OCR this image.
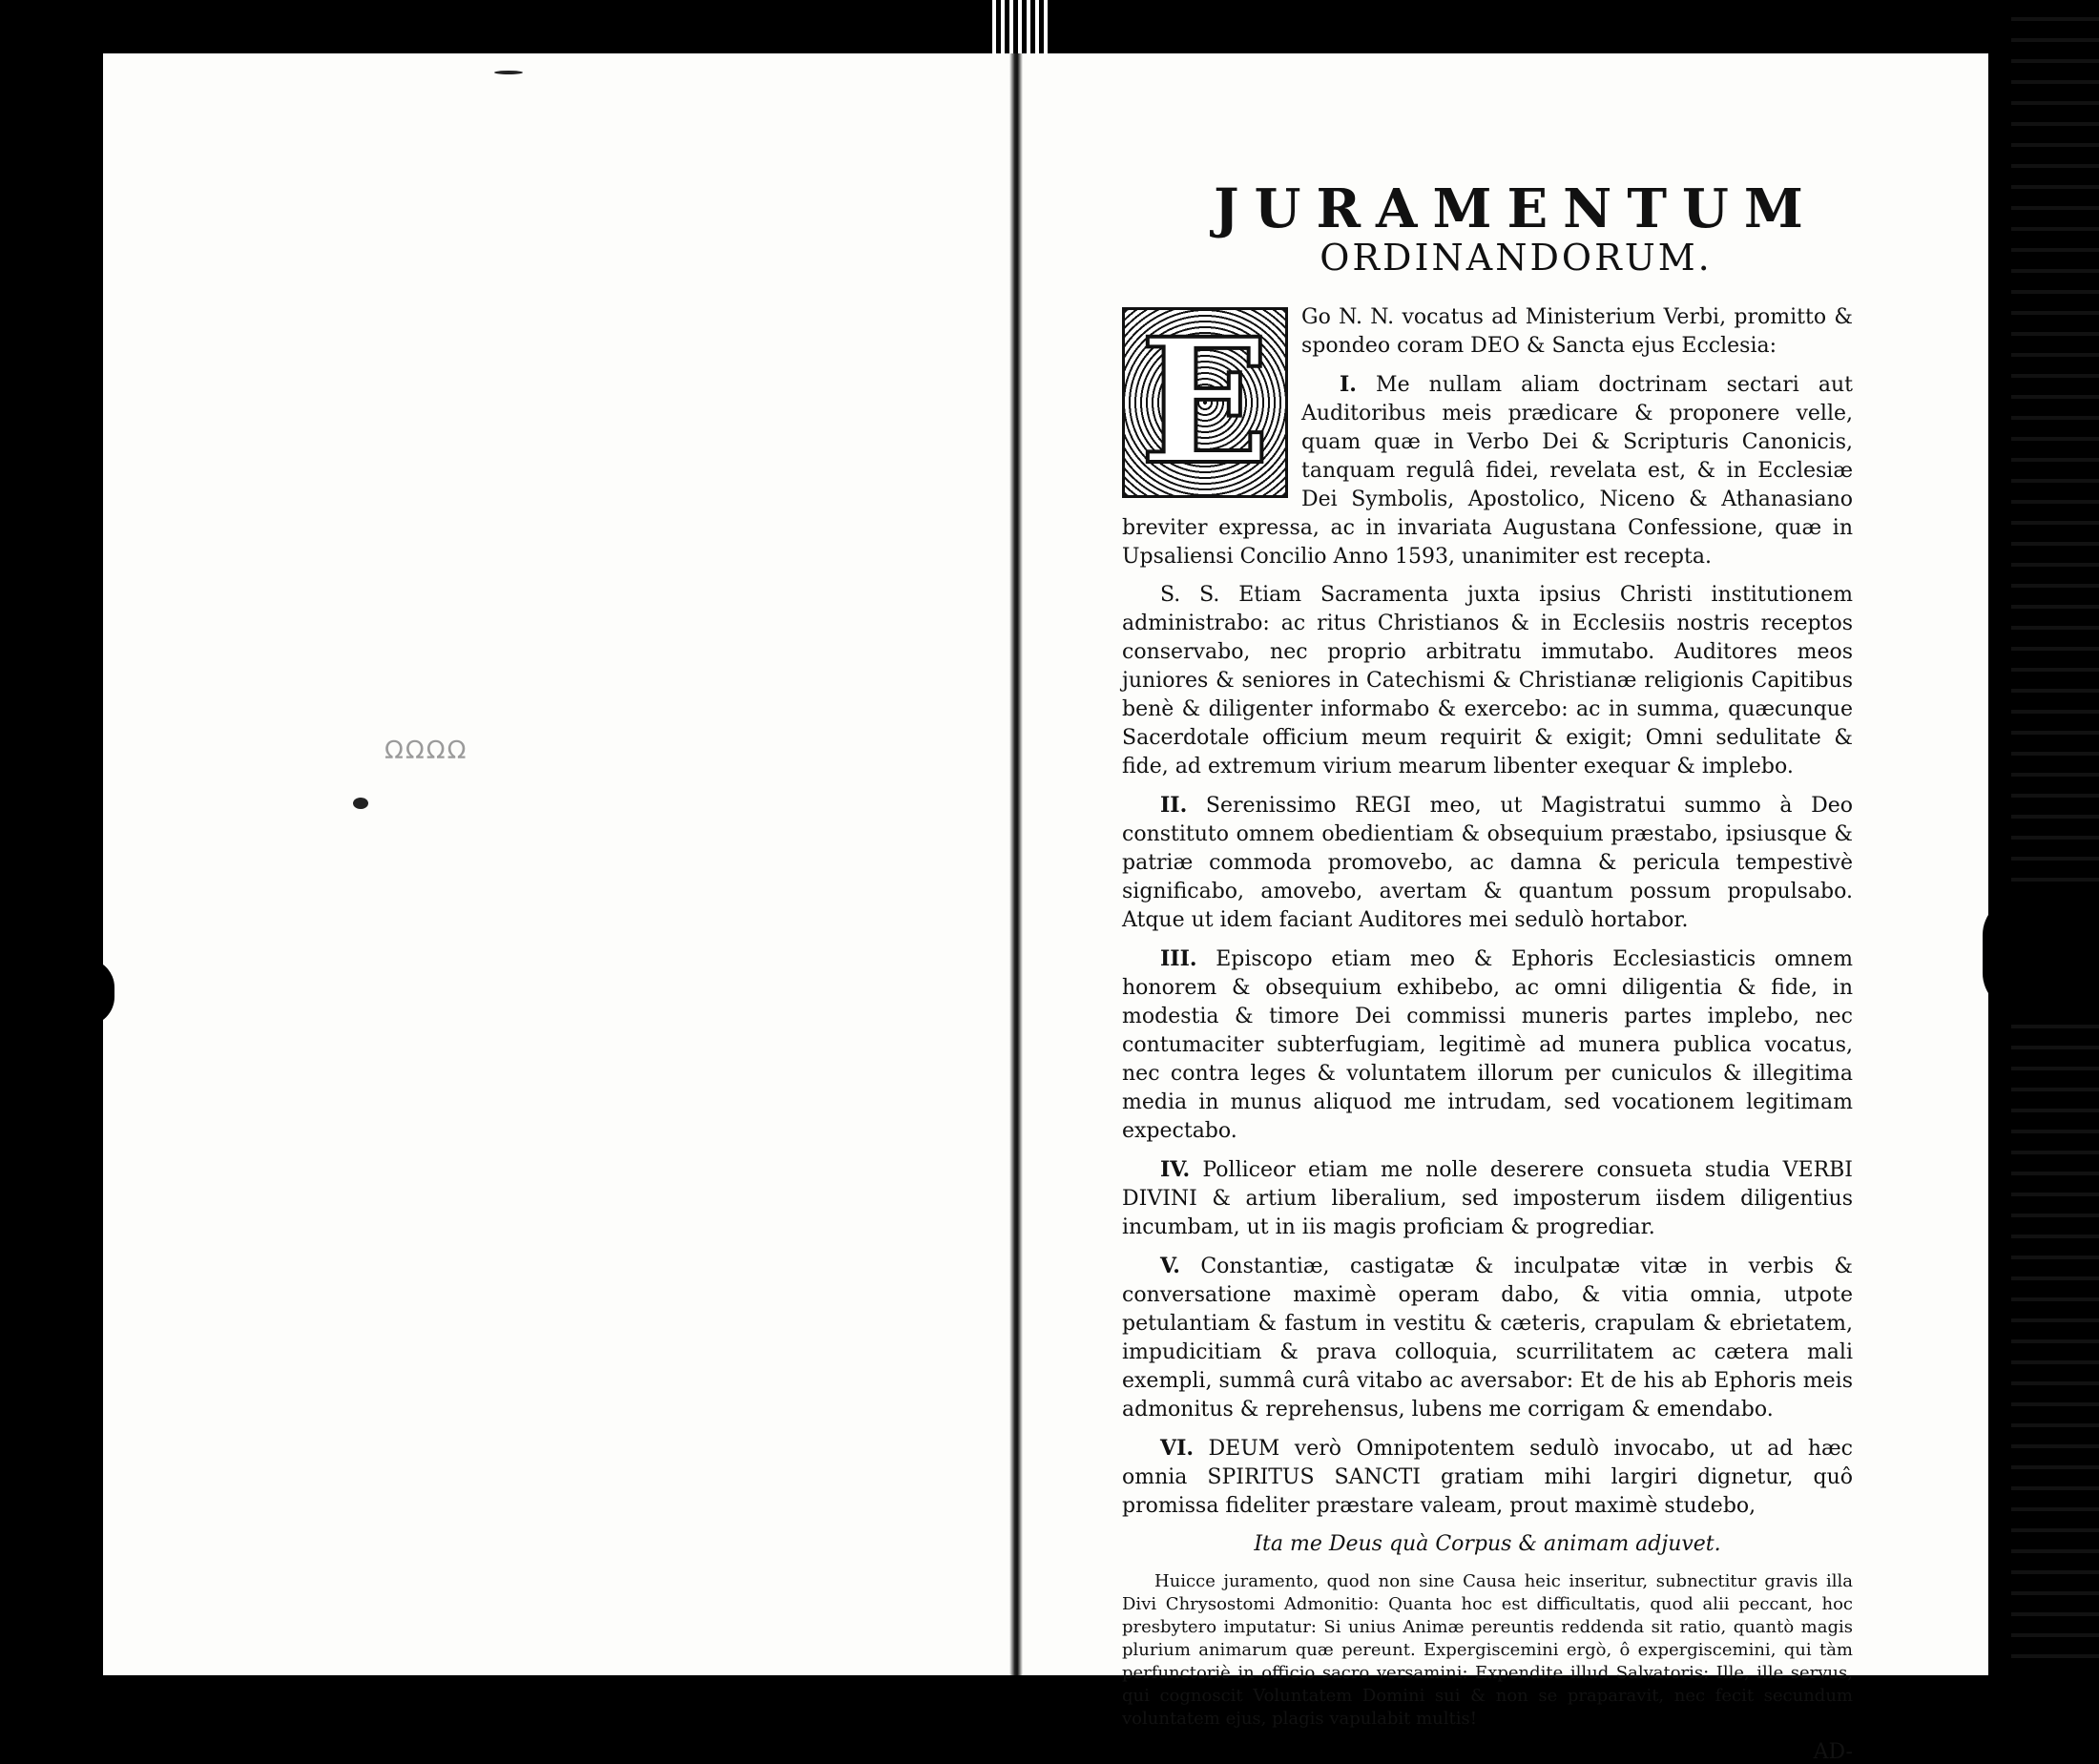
ΩΩΩΩ
JURAMENTUM
ORDINANDORUM.
E	Go N. N. vocatus ad Ministerium Verbi, promitto & spondeo coram DEO & Sancta ejus Ecclesia:

I. Me nullam aliam doctrinam sectari aut Auditoribus meis prædicare & proponere velle, quam quæ in Verbo Dei & Scripturis Canonicis, tanquam regulâ fidei, revelata est, & in Ecclesiæ Dei Symbolis, Apostolico, Niceno & Athanasiano breviter expressa, ac in invariata Augustana Confessione, quæ in Upsaliensi Concilio Anno 1593, unanimiter est recepta.

S. S. Etiam Sacramenta juxta ipsius Christi institutionem administrabo: ac ritus Christianos & in Ecclesiis nostris receptos conservabo, nec proprio arbitratu immutabo. Auditores meos juniores & seniores in Catechismi & Christianæ religionis Capitibus benè & diligenter informabo & exercebo: ac in summa, quæcunque Sacerdotale officium meum requirit & exigit; Omni sedulitate & fide, ad extremum virium mearum libenter exequar & implebo.

II. Serenissimo REGI meo, ut Magistratui summo à Deo constituto omnem obedientiam & obsequium præstabo, ipsiusque & patriæ commoda promovebo, ac damna & pericula tempestivè significabo, amovebo, avertam & quantum possum propulsabo. Atque ut idem faciant Auditores mei sedulò hortabor.

III. Episcopo etiam meo & Ephoris Ecclesiasticis omnem honorem & obsequium exhibebo, ac omni diligentia & fide, in modestia & timore Dei commissi muneris partes implebo, nec contumaciter subterfugiam, legitimè ad munera publica vocatus, nec contra leges & voluntatem illorum per cuniculos & illegitima media in munus aliquod me intrudam, sed vocationem legitimam expectabo.

IV. Polliceor etiam me nolle deserere consueta studia VERBI DIVINI & artium liberalium, sed imposterum iisdem diligentius incumbam, ut in iis magis proficiam & progrediar.

V. Constantiæ, castigatæ & inculpatæ vitæ in verbis & conversatione maximè operam dabo, & vitia omnia, utpote petulantiam & fastum in vestitu & cæteris, crapulam & ebrietatem, impudicitiam & prava colloquia, scurrilitatem ac cætera mali exempli, summâ curâ vitabo ac aversabor: Et de his ab Ephoris meis admonitus & reprehensus, lubens me corrigam & emendabo.

VI. DEUM verò Omnipotentem sedulò invocabo, ut ad hæc omnia SPIRITUS SANCTI gratiam mihi largiri dignetur, quô promissa fideliter præstare valeam, prout maximè studebo,

Ita me Deus quà Corpus & animam adjuvet.

Huicce juramento, quod non sine Causa heic inseritur, subnectitur gravis illa Divi Chrysostomi Admonitio: Quanta hoc est difficultatis, quod alii peccant, hoc presbytero imputatur: Si unius Animæ pereuntis reddenda sit ratio, quantò magis plurium animarum quæ pereunt. Expergiscemini ergò, ô expergiscemini, qui tàm perfunctoriè in officio sacro versamini: Expendite illud Salvatoris: Ille, ille servus, qui cognoscit Voluntatem Domini sui & non se praparavit, nec fecit secundum voluntatem ejus, plagis vapulabit multis!

AD-
